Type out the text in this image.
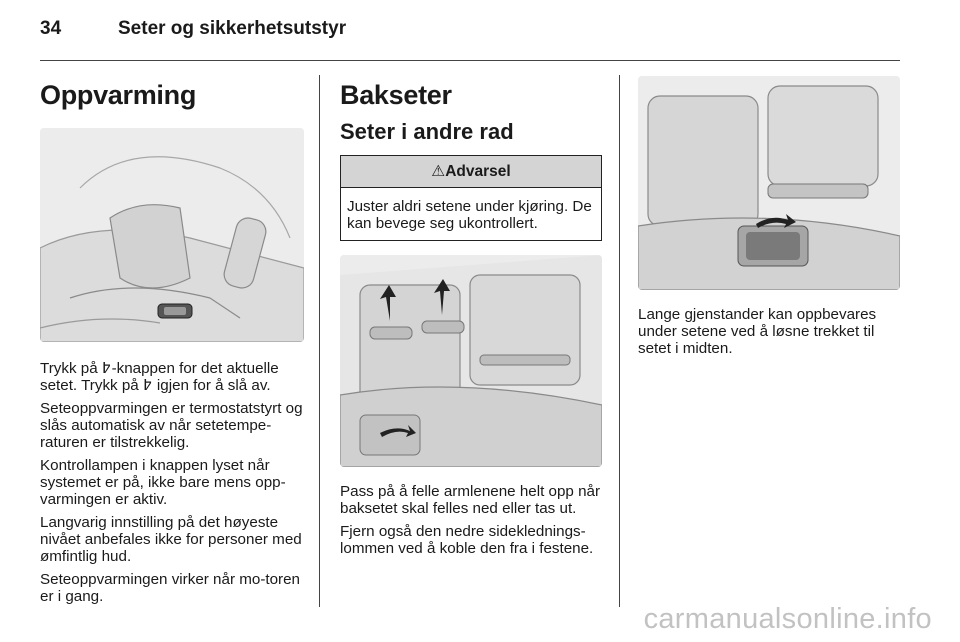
34	Seter og sikkerhetsutstyr
Oppvarming

Trykk på ߈-knappen for det aktuelle setet. Trykk på ߈ igjen for å slå av.

Seteoppvarmingen er termostatstyrt og slås automatisk av når setetempe-raturen er tilstrekkelig.

Kontrollampen i knappen lyset når systemet er på, ikke bare mens opp-varmingen er aktiv.

Langvarig innstilling på det høyeste nivået anbefales ikke for personer med ømfintlig hud.

Seteoppvarmingen virker når mo-toren er i gang.

Bakseter
Seter i andre rad
⚠Advarsel
Juster aldri setene under kjøring. De kan bevege seg ukontrollert.

Pass på å felle armlenene helt opp når baksetet skal felles ned eller tas ut.

Fjern også den nedre sideklednings-lommen ved å koble den fra i festene.

Lange gjenstander kan oppbevares under setene ved å løsne trekket til setet i midten.

carmanualsonline.info
